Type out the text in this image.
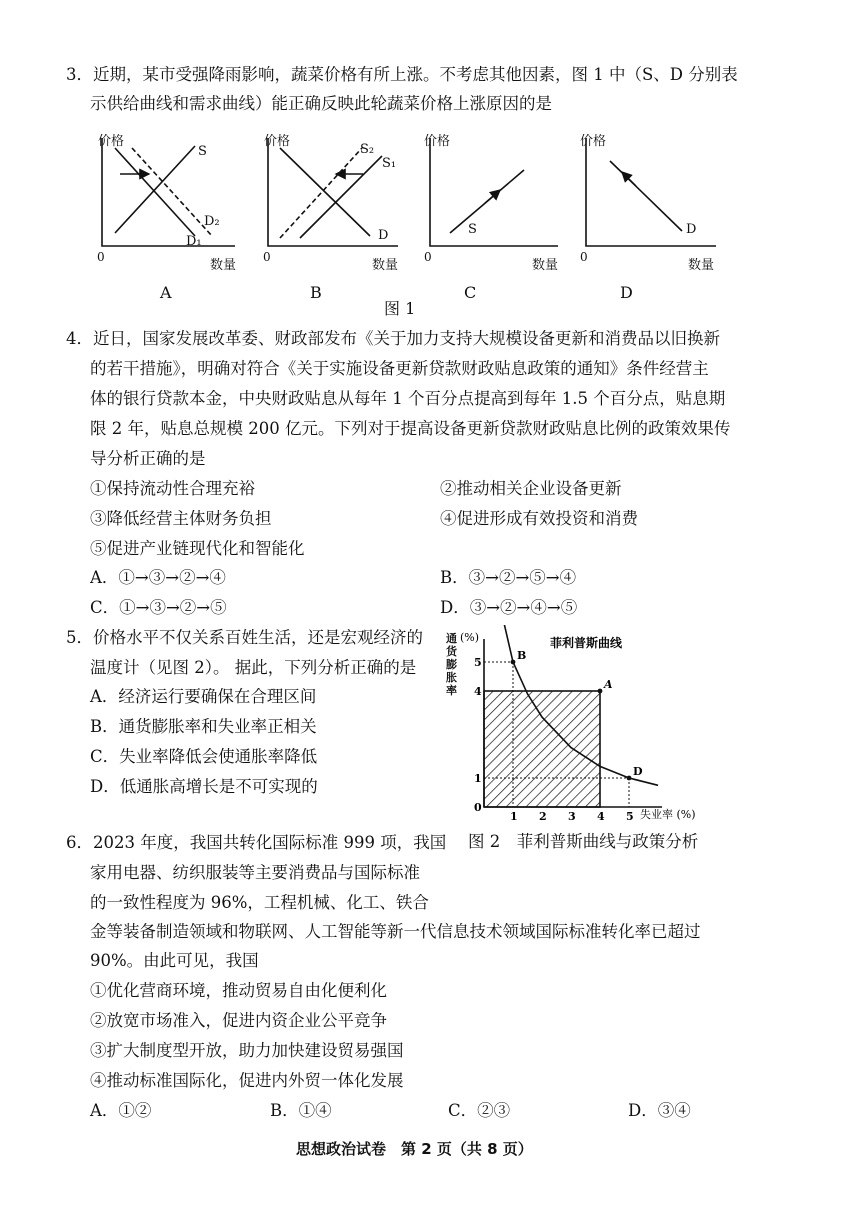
3．近期，某市受强降雨影响，蔬菜价格有所上涨。不考虑其他因素，图 1 中（S、D 分别表
示供给曲线和需求曲线）能正确反映此轮蔬菜价格上涨原因的是
价格
数量
0
S
D₂
D₁
A
价格
数量
0
S₂
S₁
D
B
价格
数量
0
S
C
价格
数量
0
D
D
图 1
4．近日，国家发展改革委、财政部发布《关于加力支持大规模设备更新和消费品以旧换新
的若干措施》，明确对符合《关于实施设备更新贷款财政贴息政策的通知》条件经营主
体的银行贷款本金，中央财政贴息从每年 1 个百分点提高到每年 1.5 个百分点，贴息期
限 2 年，贴息总规模 200 亿元。下列对于提高设备更新贷款财政贴息比例的政策效果传
导分析正确的是
①保持流动性合理充裕	②推动相关企业设备更新
③降低经营主体财务负担	④促进形成有效投资和消费
⑤促进产业链现代化和智能化
A．①→③→②→④	B．③→②→⑤→④
C．①→③→②→⑤	D．③→②→④→⑤
5．价格水平不仅关系百姓生活，还是宏观经济的
温度计（见图 2）。 据此，下列分析正确的是
A．经济运行要确保在合理区间
B．通货膨胀率和失业率正相关
C．失业率降低会使通胀率降低
D．低通胀高增长是不可实现的
B
A
D
1 2 3 4 5
0
1
4
5
菲利普斯曲线
(%)
失业率 (%)
通货膨胀率
图 2　菲利普斯曲线与政策分析
6．2023 年度，我国共转化国际标准 999 项，我国
家用电器、纺织服装等主要消费品与国际标准
的一致性程度为 96%，工程机械、化工、铁合
金等装备制造领域和物联网、人工智能等新一代信息技术领域国际标准转化率已超过
90%。由此可见，我国
①优化营商环境，推动贸易自由化便利化
②放宽市场准入，促进内资企业公平竞争
③扩大制度型开放，助力加快建设贸易强国
④推动标准国际化，促进内外贸一体化发展
A．①②	B．①④	C．②③	D．③④
思想政治试卷　第 2 页（共 8 页）
